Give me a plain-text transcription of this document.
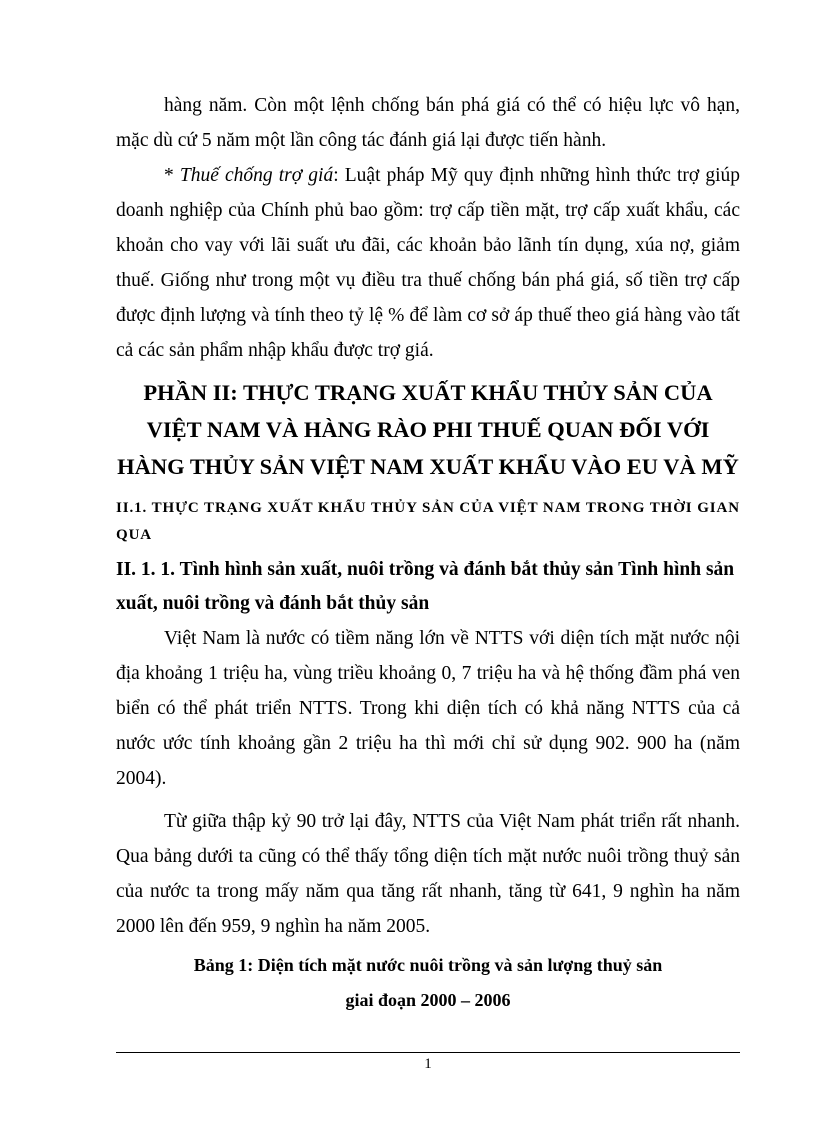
hàng năm. Còn một lệnh chống bán phá giá có thể có hiệu lực vô hạn, mặc dù cứ 5 năm một lần công tác đánh giá lại được tiến hành.

* Thuế chống trợ giá: Luật pháp Mỹ quy định những hình thức trợ giúp doanh nghiệp của Chính phủ bao gồm: trợ cấp tiền mặt, trợ cấp xuất khẩu, các khoản cho vay với lãi suất ưu đãi, các khoản bảo lãnh tín dụng, xúa nợ, giảm thuế. Giống như trong một vụ điều tra thuế chống bán phá giá, số tiền trợ cấp được định lượng và tính theo tỷ lệ % để làm cơ sở áp thuế theo giá hàng vào tất cả các sản phẩm nhập khẩu được trợ giá.

PHẦN II: THỰC TRẠNG XUẤT KHẨU THỦY SẢN CỦA VIỆT NAM VÀ HÀNG RÀO PHI THUẾ QUAN ĐỐI VỚI HÀNG THỦY SẢN VIỆT NAM XUẤT KHẨU VÀO EU VÀ MỸ
II.1. THỰC TRẠNG XUẤT KHẨU THỦY SẢN CỦA VIỆT NAM TRONG THỜI GIAN QUA
II. 1. 1. Tình hình sản xuất, nuôi trồng và đánh bắt thủy sản Tình hình sản xuất, nuôi trồng và đánh bắt thủy sản

Việt Nam là nước có tiềm năng lớn về NTTS với diện tích mặt nước nội địa khoảng 1 triệu ha, vùng triều khoảng 0, 7 triệu ha và hệ thống đầm phá ven biển có thể phát triển NTTS. Trong khi diện tích có khả năng NTTS của cả nước ước tính khoảng gần 2 triệu ha thì mới chỉ sử dụng 902. 900 ha (năm 2004).

Từ giữa thập kỷ 90 trở lại đây, NTTS của Việt Nam phát triển rất nhanh. Qua bảng dưới ta cũng có thể thấy tổng diện tích mặt nước nuôi trồng thuỷ sản của nước ta trong mấy năm qua tăng rất nhanh, tăng từ 641, 9 nghìn ha năm 2000 lên đến 959, 9 nghìn ha năm 2005.

Bảng 1: Diện tích mặt nước nuôi trồng và sản lượng thuỷ sản
giai đoạn 2000 – 2006
1
